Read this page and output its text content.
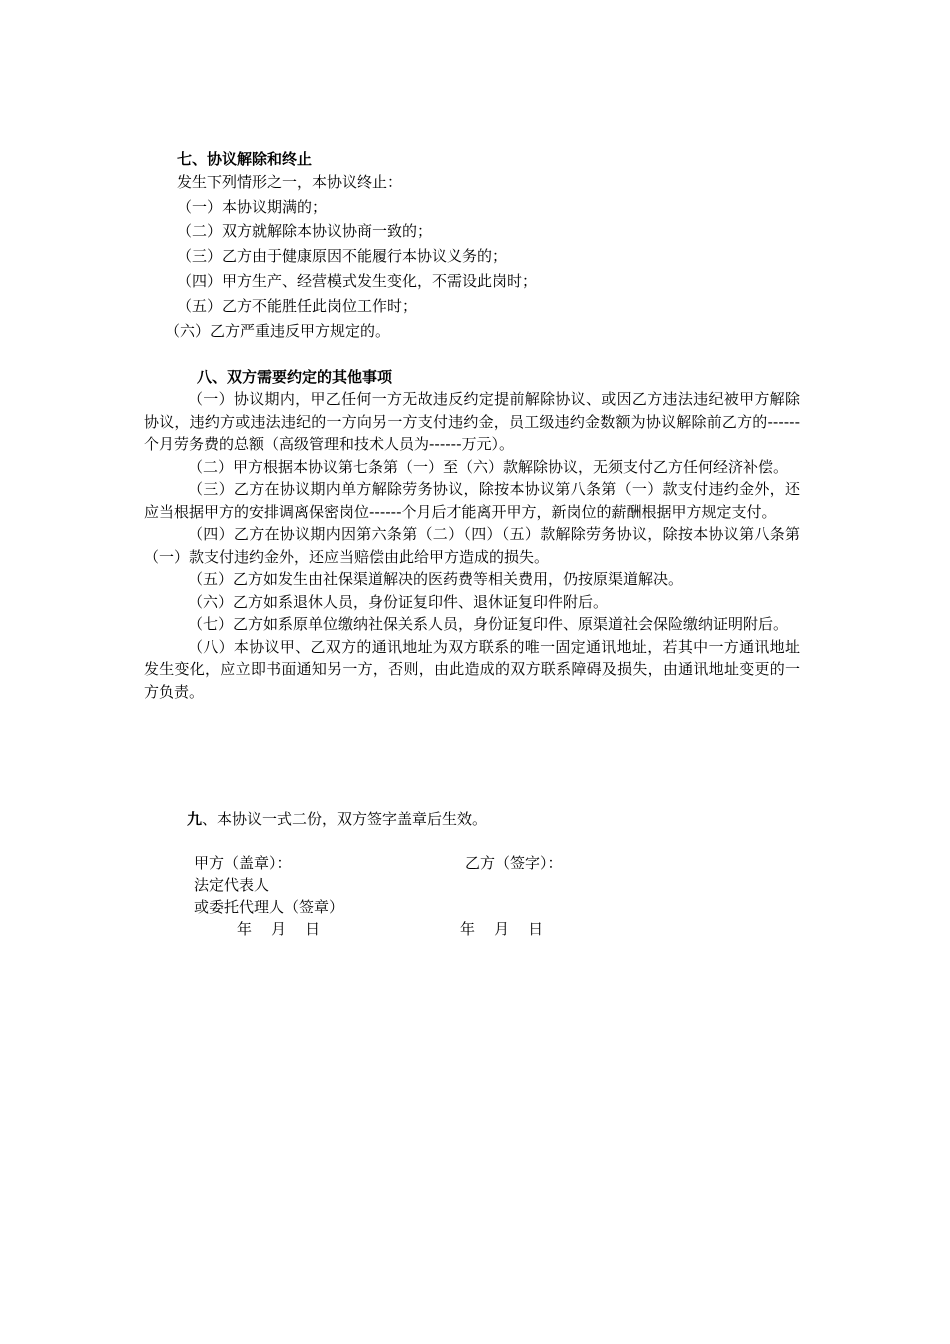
七、协议解除和终止
发生下列情形之一，本协议终止：
（一）本协议期满的；
（二）双方就解除本协议协商一致的；
（三）乙方由于健康原因不能履行本协议义务的；
（四）甲方生产、经营模式发生变化，不需设此岗时；
（五）乙方不能胜任此岗位工作时；
（六）乙方严重违反甲方规定的。
八、双方需要约定的其他事项

（一）协议期内，甲乙任何一方无故违反约定提前解除协议、或因乙方违法违纪被甲方解除协议，违约方或违法违纪的一方向另一方支付违约金，员工级违约金数额为协议解除前乙方的------个月劳务费的总额（高级管理和技术人员为------万元）。

（二）甲方根据本协议第七条第（一）至（六）款解除协议，无须支付乙方任何经济补偿。

（三）乙方在协议期内单方解除劳务协议，除按本协议第八条第（一）款支付违约金外，还应当根据甲方的安排调离保密岗位------个月后才能离开甲方，新岗位的薪酬根据甲方规定支付。

（四）乙方在协议期内因第六条第（二）（四）（五）款解除劳务协议，除按本协议第八条第（一）款支付违约金外，还应当赔偿由此给甲方造成的损失。

（五）乙方如发生由社保渠道解决的医药费等相关费用，仍按原渠道解决。

（六）乙方如系退休人员，身份证复印件、退休证复印件附后。

（七）乙方如系原单位缴纳社保关系人员，身份证复印件、原渠道社会保险缴纳证明附后。

（八）本协议甲、乙双方的通讯地址为双方联系的唯一固定通讯地址，若其中一方通讯地址发生变化，应立即书面通知另一方，否则，由此造成的双方联系障碍及损失，由通讯地址变更的一方负责。

九、本协议一式二份，双方签字盖章后生效。
甲方（盖章）：	乙方（签字）：
法定代表人
或委托代理人（签章）
年    月    日	年    月    日
